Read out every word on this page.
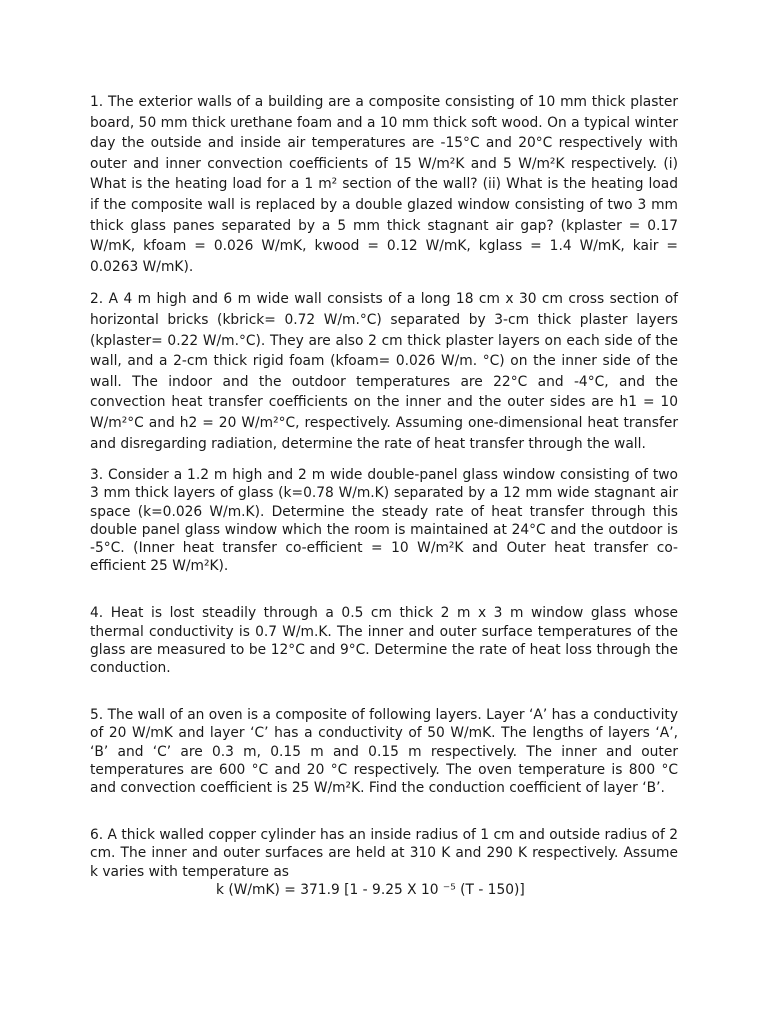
1. The exterior walls of a building are a composite consisting of 10 mm thick plaster board, 50 mm thick urethane foam and a 10 mm thick soft wood. On a typical winter day the outside and inside air temperatures are -15°C and 20°C respectively with outer and inner convection coefficients of 15 W/m²K and 5 W/m²K respectively. (i) What is the heating load for a 1 m² section of the wall? (ii) What is the heating load if the composite wall is replaced by a double glazed window consisting of two 3 mm thick glass panes separated by a 5 mm thick stagnant air gap? (kplaster = 0.17 W/mK, kfoam = 0.026 W/mK, kwood = 0.12 W/mK, kglass = 1.4 W/mK, kair = 0.0263 W/mK).

2. A 4 m high and 6 m wide wall consists of a long 18 cm x 30 cm cross section of horizontal bricks (kbrick= 0.72 W/m.°C) separated by 3-cm thick plaster layers (kplaster= 0.22 W/m.°C). They are also 2 cm thick plaster layers on each side of the wall, and a 2-cm thick rigid foam (kfoam= 0.026 W/m. °C) on the inner side of the wall. The indoor and the outdoor temperatures are 22°C and -4°C, and the convection heat transfer coefficients on the inner and the outer sides are h1 = 10 W/m²°C and h2 = 20 W/m²°C, respectively. Assuming one-dimensional heat transfer and disregarding radiation, determine the rate of heat transfer through the wall.

3. Consider a 1.2 m high and 2 m wide double-panel glass window consisting of two 3 mm thick layers of glass (k=0.78 W/m.K) separated by a 12 mm wide stagnant air space (k=0.026 W/m.K). Determine the steady rate of heat transfer through this double panel glass window which the room is maintained at 24°C and the outdoor is -5°C. (Inner heat transfer co-efficient = 10 W/m²K and Outer heat transfer co-efficient 25 W/m²K).

4. Heat is lost steadily through a 0.5 cm thick 2 m x 3 m window glass whose thermal conductivity is 0.7 W/m.K. The inner and outer surface temperatures of the glass are measured to be 12°C and 9°C. Determine the rate of heat loss through the conduction.

5. The wall of an oven is a composite of following layers. Layer ‘A’ has a conductivity of 20 W/mK and layer ‘C’ has a conductivity of 50 W/mK. The lengths of layers ‘A’, ‘B’ and ‘C’ are 0.3 m, 0.15 m and 0.15 m respectively. The inner and outer temperatures are 600 °C and 20 °C respectively. The oven temperature is 800 °C and convection coefficient is 25 W/m²K. Find the conduction coefficient of layer ‘B’.

6. A thick walled copper cylinder has an inside radius of 1 cm and outside radius of 2 cm. The inner and outer surfaces are held at 310 K and 290 K respectively. Assume k varies with temperature as
k (W/mK) = 371.9 [1 - 9.25 X 10 ⁻⁵ (T - 150)]
